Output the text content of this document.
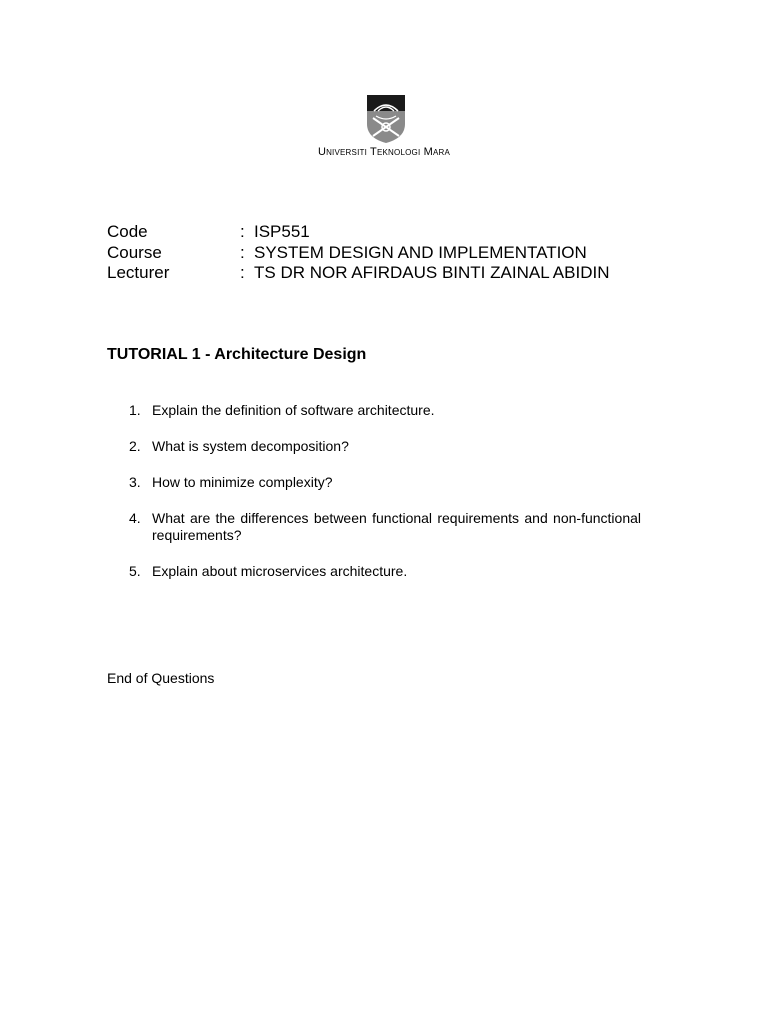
Universiti Teknologi Mara
Code	: ISP551
Course	: SYSTEM DESIGN AND IMPLEMENTATION
Lecturer	: TS DR NOR AFIRDAUS BINTI ZAINAL ABIDIN
TUTORIAL 1 - Architecture Design
1. Explain the definition of software architecture.
2. What is system decomposition?
3. How to minimize complexity?
4. What are the differences between functional requirements and non-functional requirements?
5. Explain about microservices architecture.
End of Questions
